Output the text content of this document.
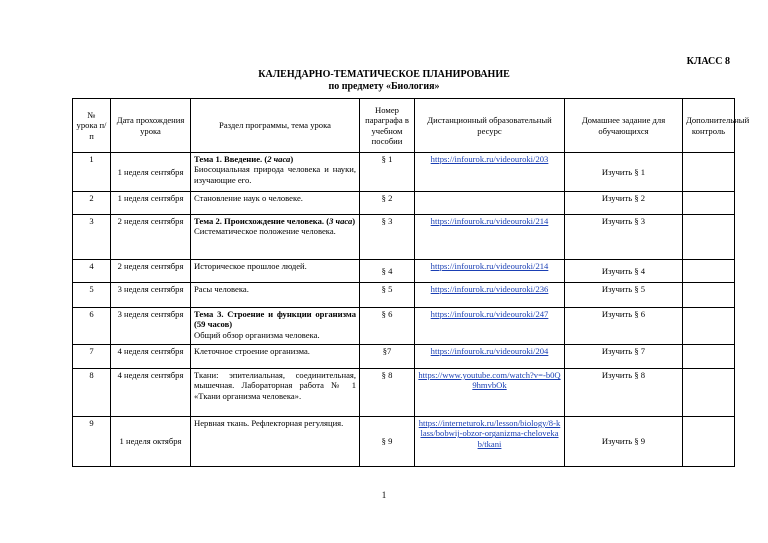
КЛАСС 8
КАЛЕНДАРНО-ТЕМАТИЧЕСКОЕ ПЛАНИРОВАНИЕ
по предмету «Биология»
№ урока п/п	Дата прохождения урока	Раздел программы, тема урока	Номер параграфа в учебном пособии	Дистанционный образовательный ресурс	Домашнее задание для обучающихся	Дополнительный контроль
1	1 неделя сентября	Тема 1. Введение. (2 часа)
Биосоциальная природа человека и науки, изучающие его.	§ 1	https://infourok.ru/videouroki/203	Изучить § 1	
2	1 неделя сентября	Становление наук о человеке.	§ 2		Изучить § 2	
3	2 неделя сентября	Тема 2. Происхождение человека. (3 часа)
Систематическое положение человека.	§ 3	https://infourok.ru/videouroki/214	Изучить § 3	
4	2 неделя сентября	Историческое прошлое людей.	§ 4	https://infourok.ru/videouroki/214	Изучить § 4	
5	3 неделя сентября	Расы человека.	§ 5	https://infourok.ru/videouroki/236	Изучить § 5	
6	3 неделя сентября	Тема 3. Строение и функции организма (59 часов)
Общий обзор организма человека.	§ 6	https://infourok.ru/videouroki/247	Изучить § 6	
7	4 неделя сентября	Клеточное строение организма.	§7	https://infourok.ru/videouroki/204	Изучить § 7	
8	4 неделя сентября	Ткани: эпителиальная, соединительная, мышечная. Лабораторная работа № 1 «Ткани организма человека».	§ 8	https://www.youtube.com/watch?v=-b0Q9hmvbOk	Изучить § 8	
9	1 неделя октября	Нервная ткань. Рефлекторная регуляция.	§ 9	https://interneturok.ru/lesson/biology/8-klass/bobwij-obzor-organizma-chelovekab/tkani	Изучить § 9	
1
